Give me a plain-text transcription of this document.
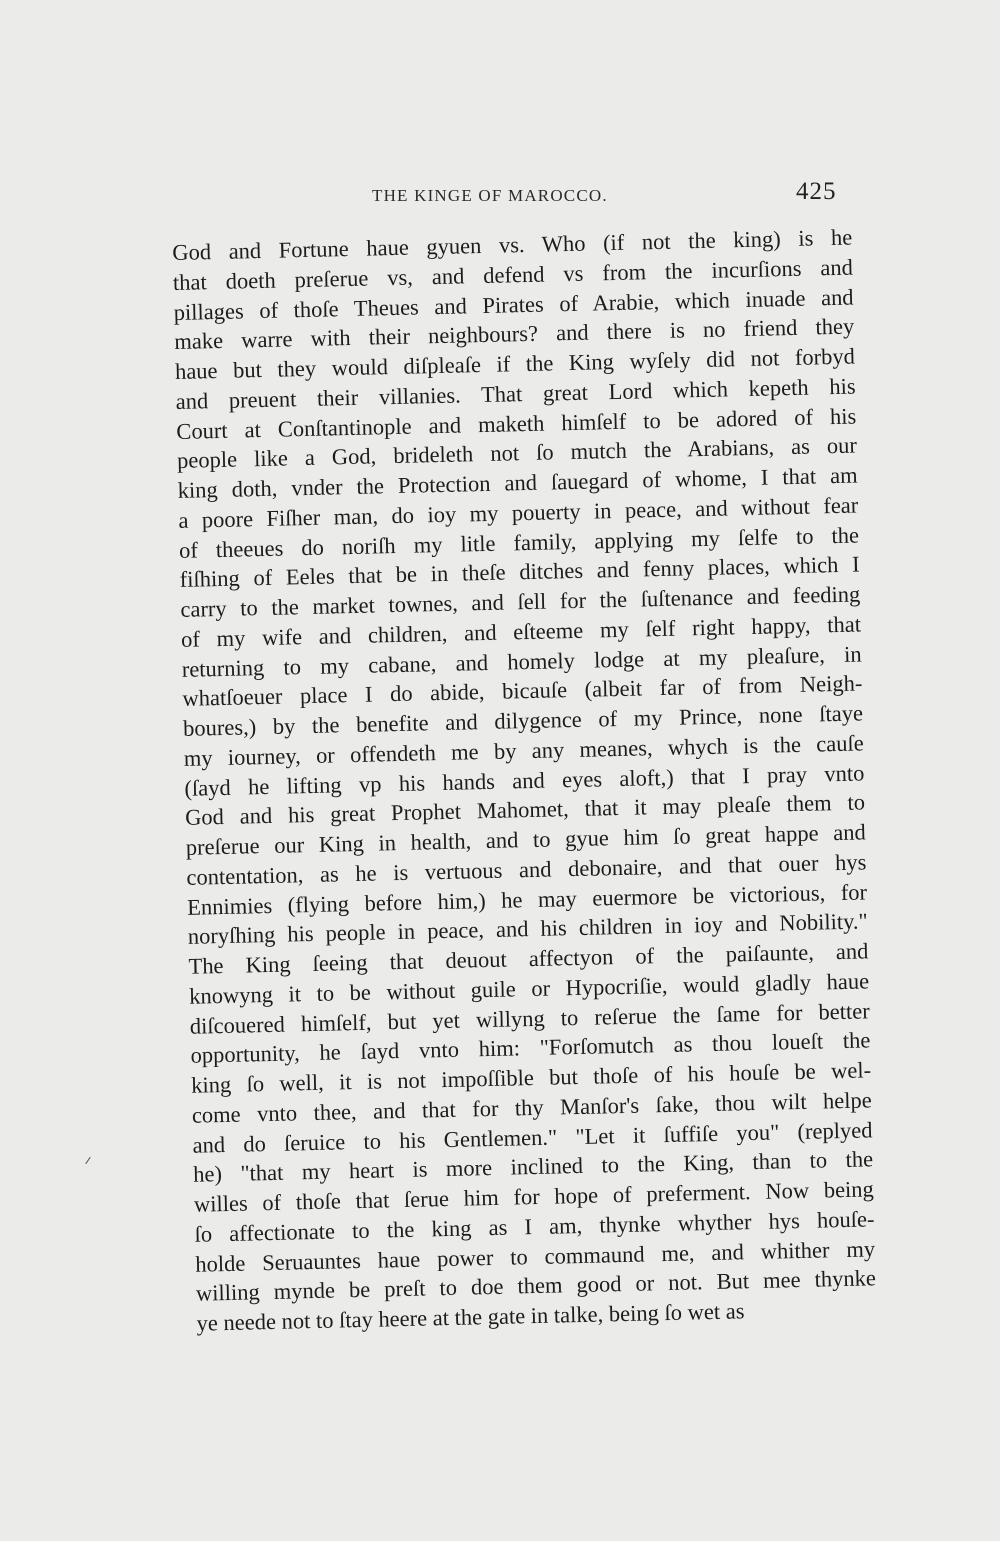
THE KINGE OF MAROCCO.	425
God and Fortune haue gyuen vs. Who (if not the king) is he
that doeth preſerue vs, and defend vs from the incurſions and
pillages of thoſe Theues and Pirates of Arabie, which inuade and
make warre with their neighbours? and there is no friend they
haue but they would diſpleaſe if the King wyſely did not forbyd
and preuent their villanies. That great Lord which kepeth his
Court at Conſtantinople and maketh himſelf to be adored of his
people like a God, brideleth not ſo mutch the Arabians, as our
king doth, vnder the Protection and ſauegard of whome, I that am
a poore Fiſher man, do ioy my pouerty in peace, and without fear
of theeues do noriſh my litle family, applying my ſelfe to the
fiſhing of Eeles that be in theſe ditches and fenny places, which I
carry to the market townes, and ſell for the ſuſtenance and feeding
of my wife and children, and eſteeme my ſelf right happy, that
returning to my cabane, and homely lodge at my pleaſure, in
whatſoeuer place I do abide, bicauſe (albeit far of from Neigh-
boures,) by the benefite and dilygence of my Prince, none ſtaye
my iourney, or offendeth me by any meanes, whych is the cauſe
(ſayd he lifting vp his hands and eyes aloft,) that I pray vnto
God and his great Prophet Mahomet, that it may pleaſe them to
preſerue our King in health, and to gyue him ſo great happe and
contentation, as he is vertuous and debonaire, and that ouer hys
Ennimies (flying before him,) he may euermore be victorious, for
noryſhing his people in peace, and his children in ioy and Nobility."
The King ſeeing that deuout affectyon of the paiſaunte, and
knowyng it to be without guile or Hypocriſie, would gladly haue
diſcouered himſelf, but yet willyng to reſerue the ſame for better
opportunity, he ſayd vnto him: "Forſomutch as thou loueſt the
king ſo well, it is not impoſſible but thoſe of his houſe be wel-
come vnto thee, and that for thy Manſor's ſake, thou wilt helpe
and do ſeruice to his Gentlemen." "Let it ſuffiſe you" (replyed
he) "that my heart is more inclined to the King, than to the
willes of thoſe that ſerue him for hope of preferment. Now being
ſo affectionate to the king as I am, thynke whyther hys houſe-
holde Seruauntes haue power to commaund me, and whither my
willing mynde be preſt to doe them good or not. But mee thynke
ye neede not to ſtay heere at the gate in talke, being ſo wet as
